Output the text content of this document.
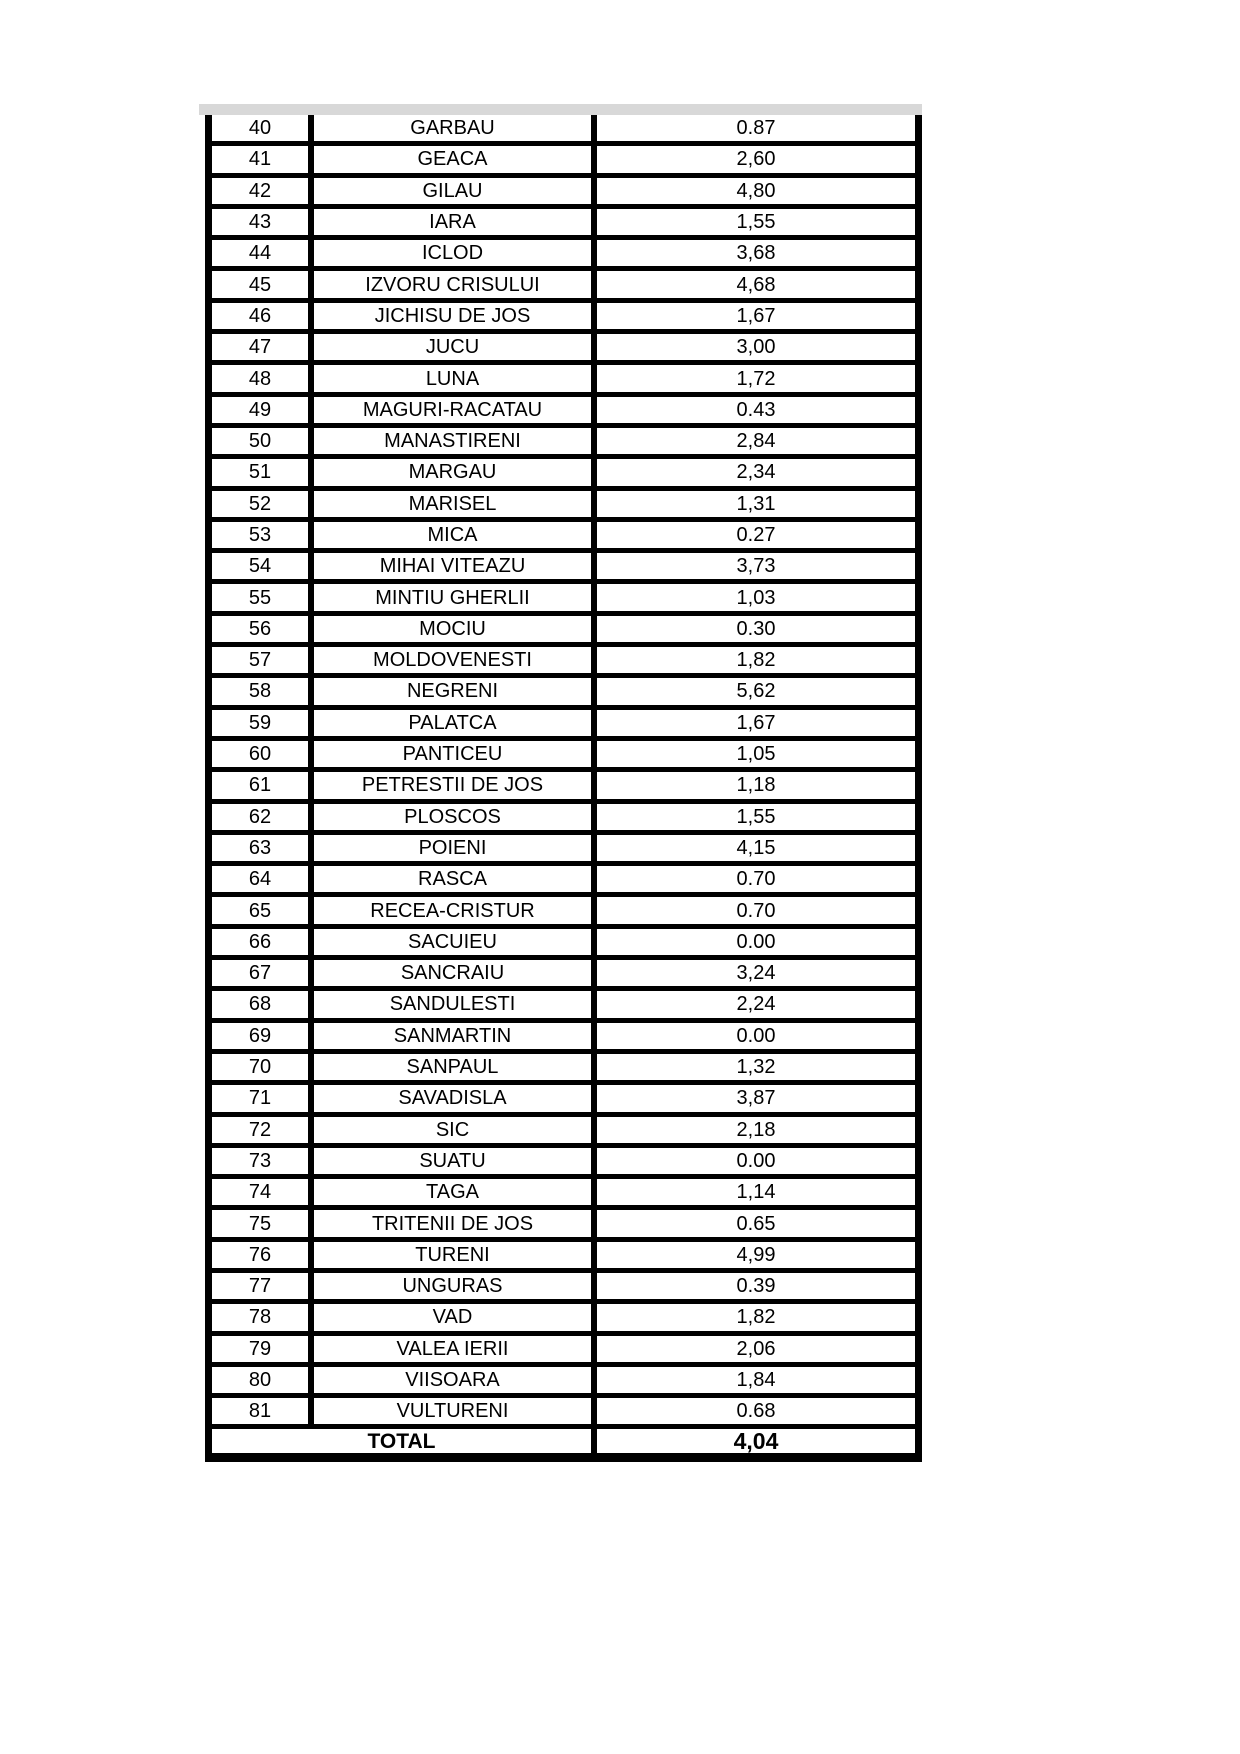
40	GARBAU	0.87
41	GEACA	2,60
42	GILAU	4,80
43	IARA	1,55
44	ICLOD	3,68
45	IZVORU CRISULUI	4,68
46	JICHISU DE JOS	1,67
47	JUCU	3,00
48	LUNA	1,72
49	MAGURI-RACATAU	0.43
50	MANASTIRENI	2,84
51	MARGAU	2,34
52	MARISEL	1,31
53	MICA	0.27
54	MIHAI VITEAZU	3,73
55	MINTIU GHERLII	1,03
56	MOCIU	0.30
57	MOLDOVENESTI	1,82
58	NEGRENI	5,62
59	PALATCA	1,67
60	PANTICEU	1,05
61	PETRESTII DE JOS	1,18
62	PLOSCOS	1,55
63	POIENI	4,15
64	RASCA	0.70
65	RECEA-CRISTUR	0.70
66	SACUIEU	0.00
67	SANCRAIU	3,24
68	SANDULESTI	2,24
69	SANMARTIN	0.00
70	SANPAUL	1,32
71	SAVADISLA	3,87
72	SIC	2,18
73	SUATU	0.00
74	TAGA	1,14
75	TRITENII DE JOS	0.65
76	TURENI	4,99
77	UNGURAS	0.39
78	VAD	1,82
79	VALEA IERII	2,06
80	VIISOARA	1,84
81	VULTURENI	0.68
TOTAL	4,04
